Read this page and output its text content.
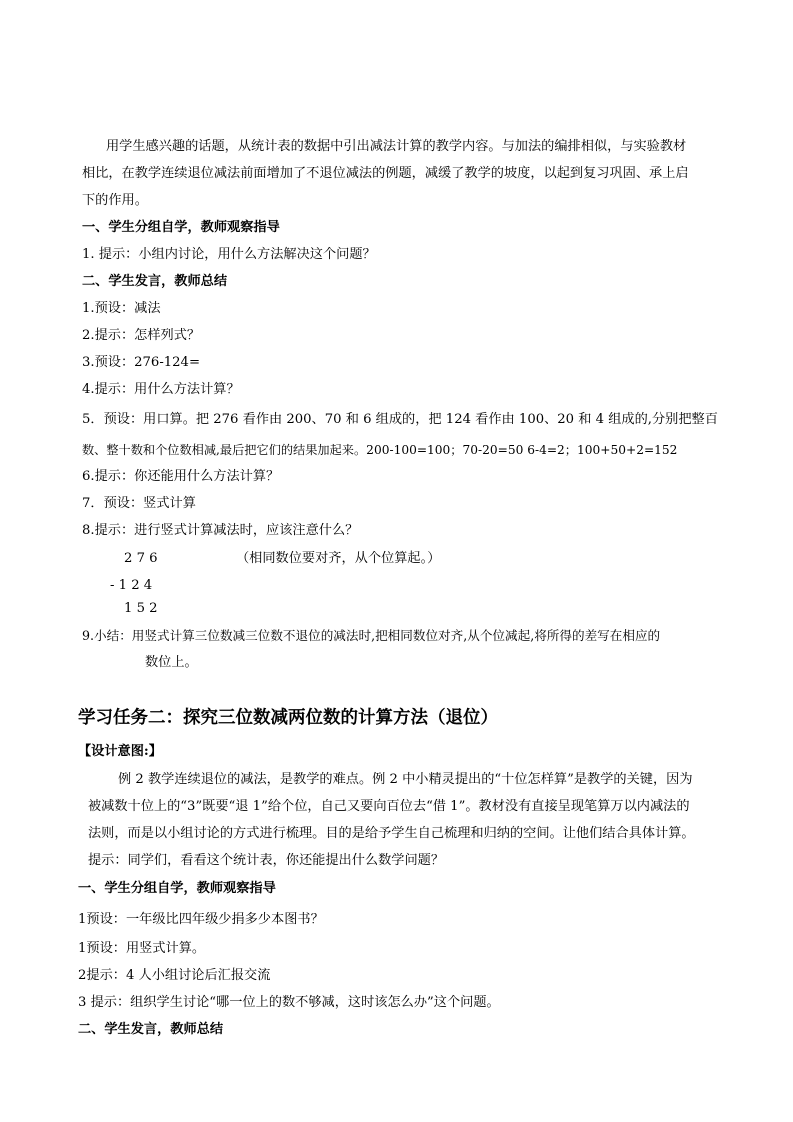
用学生感兴趣的话题，从统计表的数据中引出减法计算的教学内容。与加法的编排相似，与实验教材
相比，在教学连续退位减法前面增加了不退位减法的例题，减缓了教学的坡度，以起到复习巩固、承上启
下的作用。
一、学生分组自学，教师观察指导
1. 提示：小组内讨论，用什么方法解决这个问题？
二、学生发言，教师总结
1.预设：减法
2.提示：怎样列式？
3.预设：276-124=
4.提示：用什么方法计算？
5．预设：用口算。把 276 看作由 200、70 和 6 组成的，把 124 看作由 100、20 和 4 组成的,分别把整百
数、整十数和个位数相减,最后把它们的结果加起来。200-100=100；70-20=50 6-4=2；100+50+2=152
6.提示：你还能用什么方法计算？
7．预设：竖式计算
8.提示：进行竖式计算减法时，应该注意什么？
2 7 6	（相同数位要对齐，从个位算起。）
- 1 2 4
1 5 2
9.小结：用竖式计算三位数减三位数不退位的减法时,把相同数位对齐,从个位减起,将所得的差写在相应的
数位上。
学习任务二：探究三位数减两位数的计算方法（退位）
【设计意图:】
例 2 教学连续退位的减法，是教学的难点。例 2 中小精灵提出的“十位怎样算”是教学的关键，因为
被减数十位上的“3”既要“退 1”给个位，自己又要向百位去“借 1”。教材没有直接呈现笔算万以内减法的
法则，而是以小组讨论的方式进行梳理。目的是给予学生自己梳理和归纳的空间。让他们结合具体计算。
提示：同学们，看看这个统计表，你还能提出什么数学问题？
一、学生分组自学，教师观察指导
1预设：一年级比四年级少捐多少本图书？
1预设：用竖式计算。
2提示：4 人小组讨论后汇报交流
3 提示：组织学生讨论“哪一位上的数不够减，这时该怎么办”这个问题。
二、学生发言，教师总结
